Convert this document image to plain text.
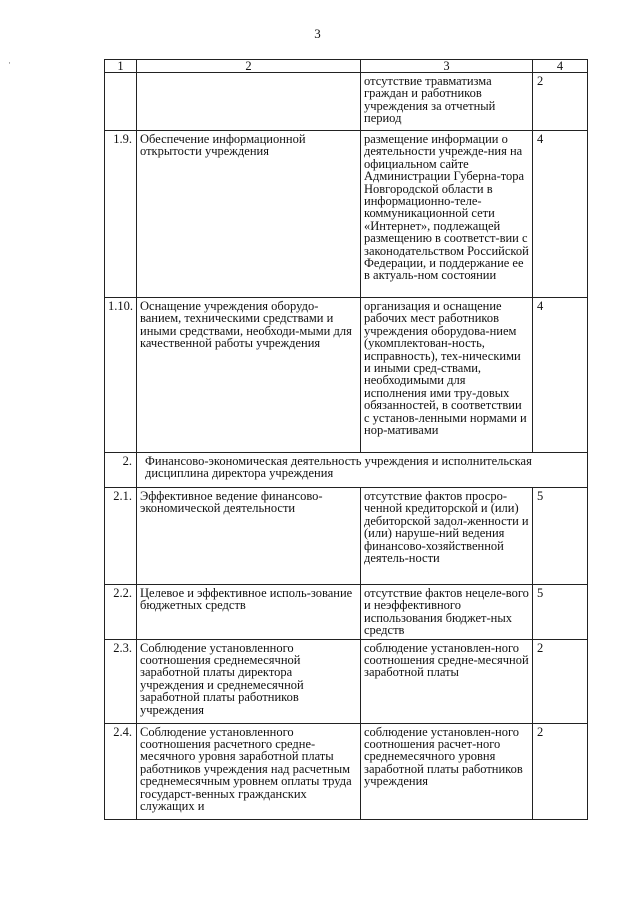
3
·	1	2	3	4
		отсутствие травматизма граждан и работников учреждения за отчетный период	2
1.9.	Обеспечение информационной открытости учреждения	размещение информации о деятельности учрежде-ния на официальном сайте Администрации Губерна-тора Новгородской области в информационно-теле-коммуникационной сети «Интернет», подлежащей размещению в соответст-вии с законодательством Российской Федерации, и поддержание ее в актуаль-ном состоянии	4
1.10.	Оснащение учреждения оборудо-ванием, техническими средствами и иными средствами, необходи-мыми для качественной работы учреждения	организация и оснащение рабочих мест работников учреждения оборудова-нием (укомплектован-ность, исправность), тех-ническими и иными сред-ствами, необходимыми для исполнения ими тру-довых обязанностей, в соответствии с установ-ленными нормами и нор-мативами	4
2.	Финансово-экономическая деятельность учреждения и исполнительская дисциплина директора учреждения		
2.1.	Эффективное ведение финансово-экономической деятельности	отсутствие фактов просро-ченной кредиторской и (или) дебиторской задол-женности и (или) наруше-ний ведения финансово-хозяйственной деятель-ности	5
2.2.	Целевое и эффективное исполь-зование бюджетных средств	отсутствие фактов нецеле-вого и неэффективного использования бюджет-ных средств	5
2.3.	Соблюдение установленного соотношения среднемесячной заработной платы директора учреждения и среднемесячной заработной платы работников учреждения	соблюдение установлен-ного соотношения средне-месячной заработной платы	2
2.4.	Соблюдение установленного соотношения расчетного средне-месячного уровня заработной платы работников учреждения над расчетным среднемесячным уровнем оплаты труда государст-венных гражданских служащих и	соблюдение установлен-ного соотношения расчет-ного среднемесячного уровня заработной платы работников учреждения	2
